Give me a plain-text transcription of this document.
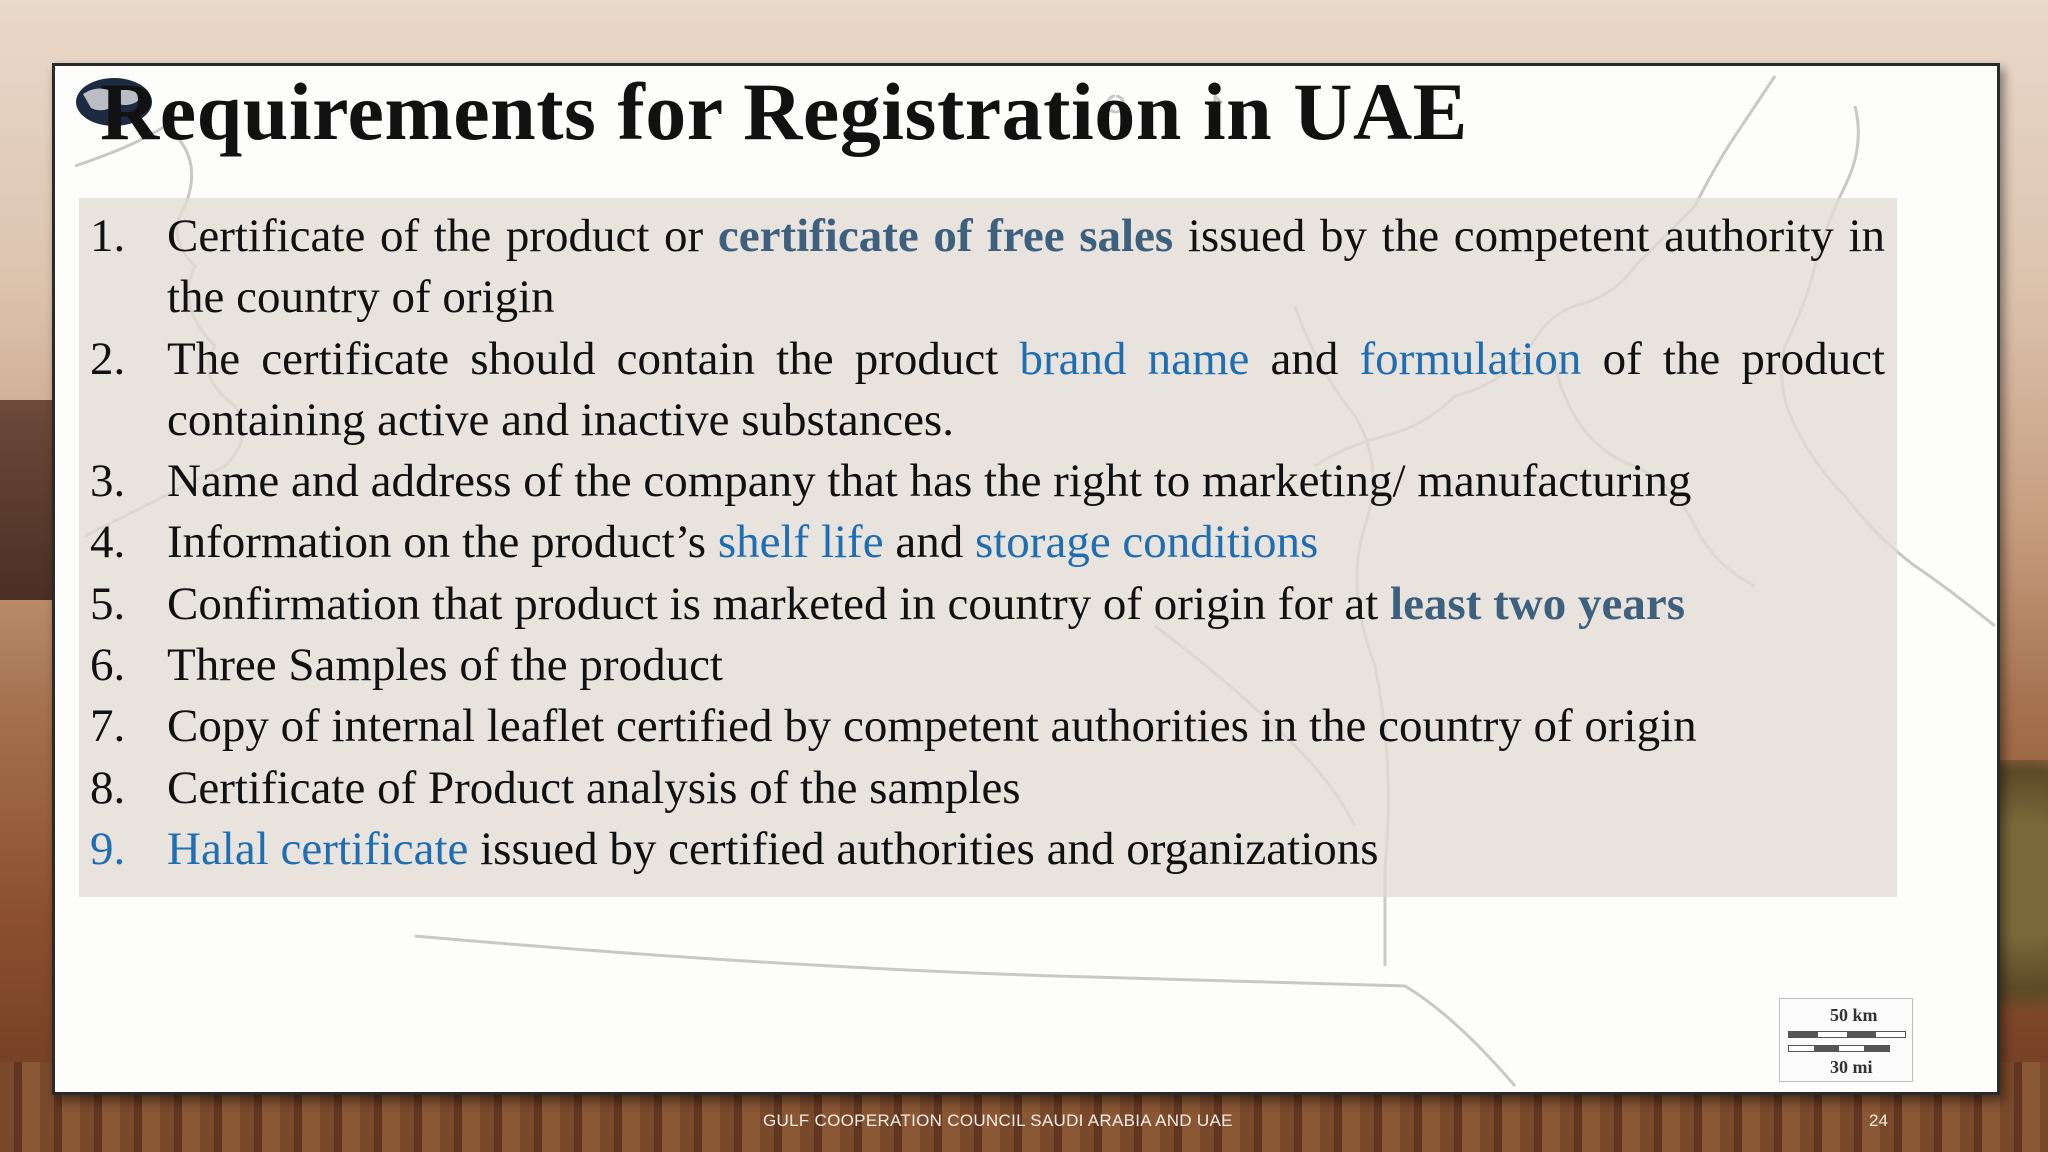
50 km
30 mi
Requirements for Registration in UAE
1. Certificate of the product or certificate of free sales issued by the competent authority in the country of origin
2. The certificate should contain the product brand name and formulation of the product containing active and inactive substances.
3. Name and address of the company that has the right to marketing/ manufacturing
4. Information on the product’s shelf life and storage conditions
5. Confirmation that product is marketed in country of origin for at least two years
6. Three Samples of the product
7. Copy of internal leaflet certified by competent authorities in the country of origin
8. Certificate of Product analysis of the samples
9. Halal certificate issued by certified authorities and organizations
GULF COOPERATION COUNCIL SAUDI ARABIA AND UAE	24
